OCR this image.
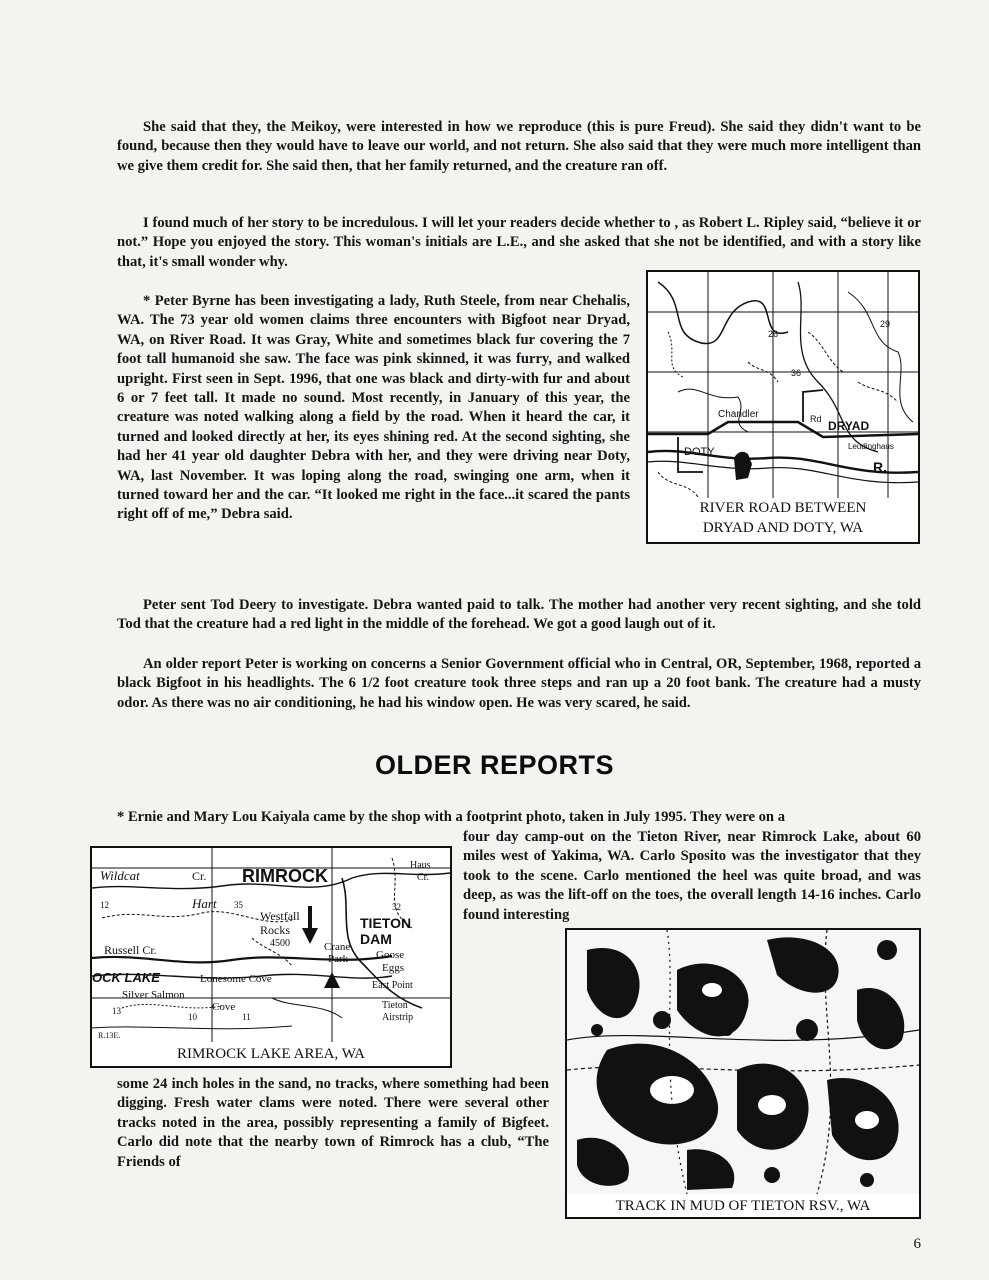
She said that they, the Meikoy, were interested in how we reproduce (this is pure Freud). She said they didn't want to be found, because then they would have to leave our world, and not return. She also said that they were much more intelligent than we give them credit for. She said then, that her family returned, and the creature ran off.

I found much of her story to be incredulous. I will let your readers decide whether to , as Robert L. Ripley said, “believe it or not.” Hope you enjoyed the story. This woman's initials are L.E., and she asked that she not be identified, and with a story like that, it's small wonder why.

* Peter Byrne has been investigating a lady, Ruth Steele, from near Chehalis, WA. The 73 year old women claims three encounters with Bigfoot near Dryad, WA, on River Road. It was Gray, White and sometimes black fur covering the 7 foot tall humanoid she saw. The face was pink skinned, it was furry, and walked upright. First seen in Sept. 1996, that one was black and dirty-with fur and about 6 or 7 feet tall. It made no sound. Most recently, in January of this year, the creature was noted walking along a field by the road. When it heard the car, it turned and looked directly at her, its eyes shining red. At the second sighting, she had her 41 year old daughter Debra with her, and they were driving near Doty, WA, last November. It was loping along the road, swinging one arm, when it turned toward her and the car. “It looked me right in the face...it scared the pants right off of me,” Debra said.

Chandler
DRYAD
DOTY	Leudinghaus
R.
29
26
36
Rd
RIVER ROAD BETWEEN
DRYAD AND DOTY, WA

Peter sent Tod Deery to investigate. Debra wanted paid to talk. The mother had another very recent sighting, and she told Tod that the creature had a red light in the middle of the forehead. We got a good laugh out of it.

An older report Peter is working on concerns a Senior Government official who in Central, OR, September, 1968, reported a black Bigfoot in his headlights. The 6 1/2 foot creature took three steps and ran up a 20 foot bank. The creature had a musty odor. As there was no air conditioning, he had his window open. He was very scared, he said.

OLDER REPORTS

* Ernie and Mary Lou Kaiyala came by the shop with a footprint photo, taken in July 1995. They were on a

four day camp-out on the Tieton River, near Rimrock Lake, about 60 miles west of Yakima, WA. Carlo Sposito was the investigator that they took to the scene. Carlo mentioned the heel was quite broad, and was deep, as was the lift-off on the toes, the overall length 14-16 inches. Carlo found interesting

Wildcat	Cr. RIMROCK
Haus
Cr.
Hart
Westfall
Rocks
4500
TIETON
DAM
Russell Cr.	Crane
Park	Goose
Eggs
OCK LAKE	Lonesome Cove
Silver Salmon
Cove
East Point
Tieton
Airstrip
12	32
35
13
10	11
R.13E.
RIMROCK LAKE AREA, WA

some 24 inch holes in the sand, no tracks, where something had been digging. Fresh water clams were noted. There were several other tracks noted in the area, possibly representing a family of Bigfeet. Carlo did note that the nearby town of Rimrock has a club, “The Friends of

TRACK IN MUD OF TIETON RSV., WA
6
